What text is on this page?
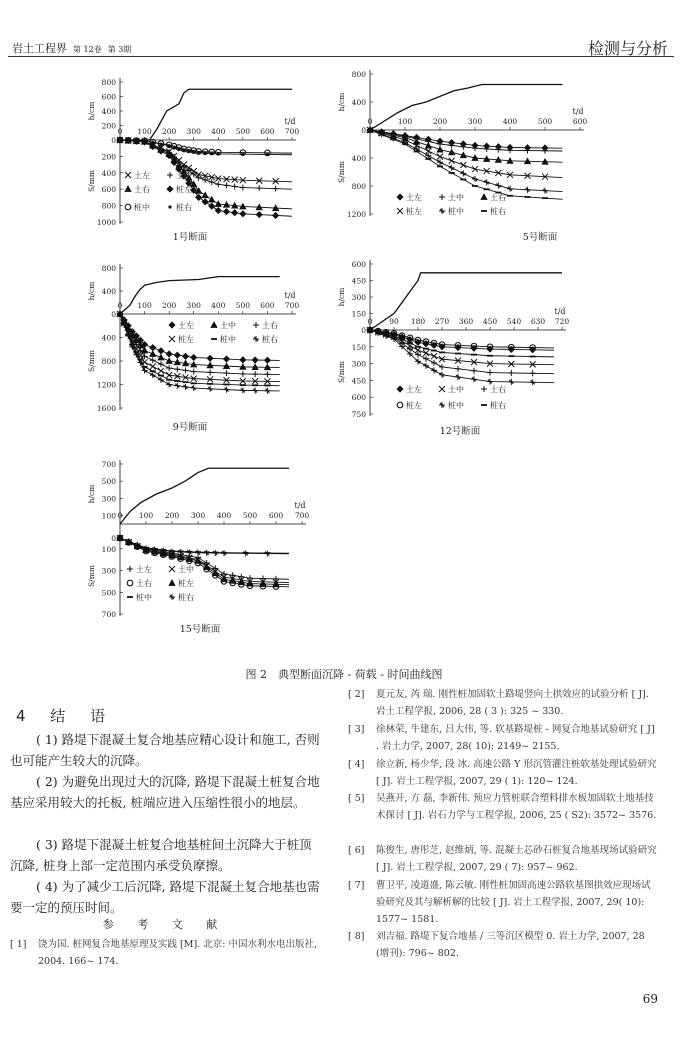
岩土工程界 第 12卷 第 3期	检测与分析
0 100 200 300 400 500 600 700
t/d
200
400
600
800
h/cm
0
200
400
600
800
1000
S/mm	土左	土中
土右	桩左
桩中	桩右
1号断面
0	100	200	300	400	500	600
t/d
400
800
h/cm
0
400
800
1200
S/mm
土左	土中	土右
桩左	桩中	桩右
5号断面
0 100 200 300 400 500 600 700
t/d
400
800
h/cm
0
400
800
1200
1600
S/mm
土左	土中	土右
桩左	桩中	桩右
9号断面
0 90 180 270 360 450 540 630 720
t/d
150
300
450
600
h/cm
0
150
300
450
600
750
S/mm
土左	土中	土右
桩左	桩中	桩右
12号断面
0 100 200 300 400 500 600 700
t/d
100
300
500
700
h/cm
0
100
300
500
700
S/mm	土左	土中
土右	桩左
桩中	桩右
15号断面
图 2　典型断面沉降 - 荷载 - 时间曲线图
4 结 语
( 1) 路堤下混凝土复合地基应精心设计和施工, 否则也可能产生较大的沉降。
( 2) 为避免出现过大的沉降, 路堤下混凝土桩复合地基应采用较大的托板, 桩端应进入压缩性很小的地层。
( 3) 路堤下混凝土桩复合地基桩间土沉降大于桩顶沉降, 桩身上部一定范围内承受负摩擦。
( 4) 为了减少工后沉降, 路堤下混凝土复合地基也需要一定的预压时间。
参 考 文 献
[ 1]	饶为国. 桩网复合地基原理及实践 [M]. 北京: 中国水利水电出版社, 2004. 166~ 174.
[ 2]	夏元友, 芮 瑞. 刚性桩加固软土路堤竖向土拱效应的试验分析 [ J]. 岩土工程学报, 2006, 28 ( 3 ): 325 ~ 330.
[ 3]	徐林荣, 牛建东, 吕大伟, 等. 软基路堤桩 - 网复合地基试验研究 [ J] . 岩土力学, 2007, 28( 10): 2149~ 2155.
[ 4]	徐立新, 杨少华, 段 冰. 高速公路 Y 形沉管灌注桩软基处理试验研究 [ J]. 岩土工程学报, 2007, 29 ( 1): 120~ 124.
[ 5]	吴燕开, 方 磊, 李新伟. 预应力管桩联合塑料排水板加固软土地基技术探讨 [ J]. 岩石力学与工程学报, 2006, 25 ( S2): 3572~ 3576.
[ 6]	陈俊生, 唐彤芝, 赵维炳, 等. 混凝土芯砂石桩复合地基现场试验研究 [ J]. 岩土工程学报, 2007, 29 ( 7): 957~ 962.
[ 7]	曹卫平, 凌道盛, 陈云敏. 刚性桩加固高速公路软基图拱效应现场试验研究及其与解析解的比较 [ J]. 岩土工程学报, 2007, 29( 10): 1577~ 1581.
[ 8]	刘吉福. 路堤下复合地基 / 三等沉区模型 0. 岩土力学, 2007, 28 (增刊): 796~ 802.
69
